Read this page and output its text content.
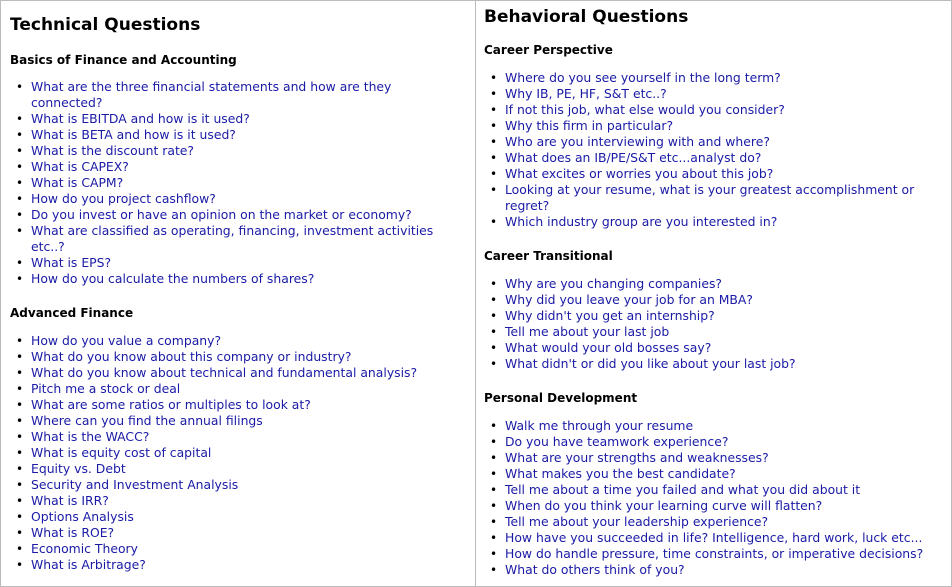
Technical Questions
Basics of Finance and Accounting
• What are the three financial statements and how are they connected?
• What is EBITDA and how is it used?
• What is BETA and how is it used?
• What is the discount rate?
• What is CAPEX?
• What is CAPM?
• How do you project cashflow?
• Do you invest or have an opinion on the market or economy?
• What are classified as operating, financing, investment activities etc..?
• What is EPS?
• How do you calculate the numbers of shares?
Advanced Finance
• How do you value a company?
• What do you know about this company or industry?
• What do you know about technical and fundamental analysis?
• Pitch me a stock or deal
• What are some ratios or multiples to look at?
• Where can you find the annual filings
• What is the WACC?
• What is equity cost of capital
• Equity vs. Debt
• Security and Investment Analysis
• What is IRR?
• Options Analysis
• What is ROE?
• Economic Theory
• What is Arbitrage?
Behavioral Questions
Career Perspective
• Where do you see yourself in the long term?
• Why IB, PE, HF, S&T etc..?
• If not this job, what else would you consider?
• Why this firm in particular?
• Who are you interviewing with and where?
• What does an IB/PE/S&T etc...analyst do?
• What excites or worries you about this job?
• Looking at your resume, what is your greatest accomplishment or regret?
• Which industry group are you interested in?
Career Transitional
• Why are you changing companies?
• Why did you leave your job for an MBA?
• Why didn't you get an internship?
• Tell me about your last job
• What would your old bosses say?
• What didn't or did you like about your last job?
Personal Development
• Walk me through your resume
• Do you have teamwork experience?
• What are your strengths and weaknesses?
• What makes you the best candidate?
• Tell me about a time you failed and what you did about it
• When do you think your learning curve will flatten?
• Tell me about your leadership experience?
• How have you succeeded in life? Intelligence, hard work, luck etc...
• How do handle pressure, time constraints, or imperative decisions?
• What do others think of you?
